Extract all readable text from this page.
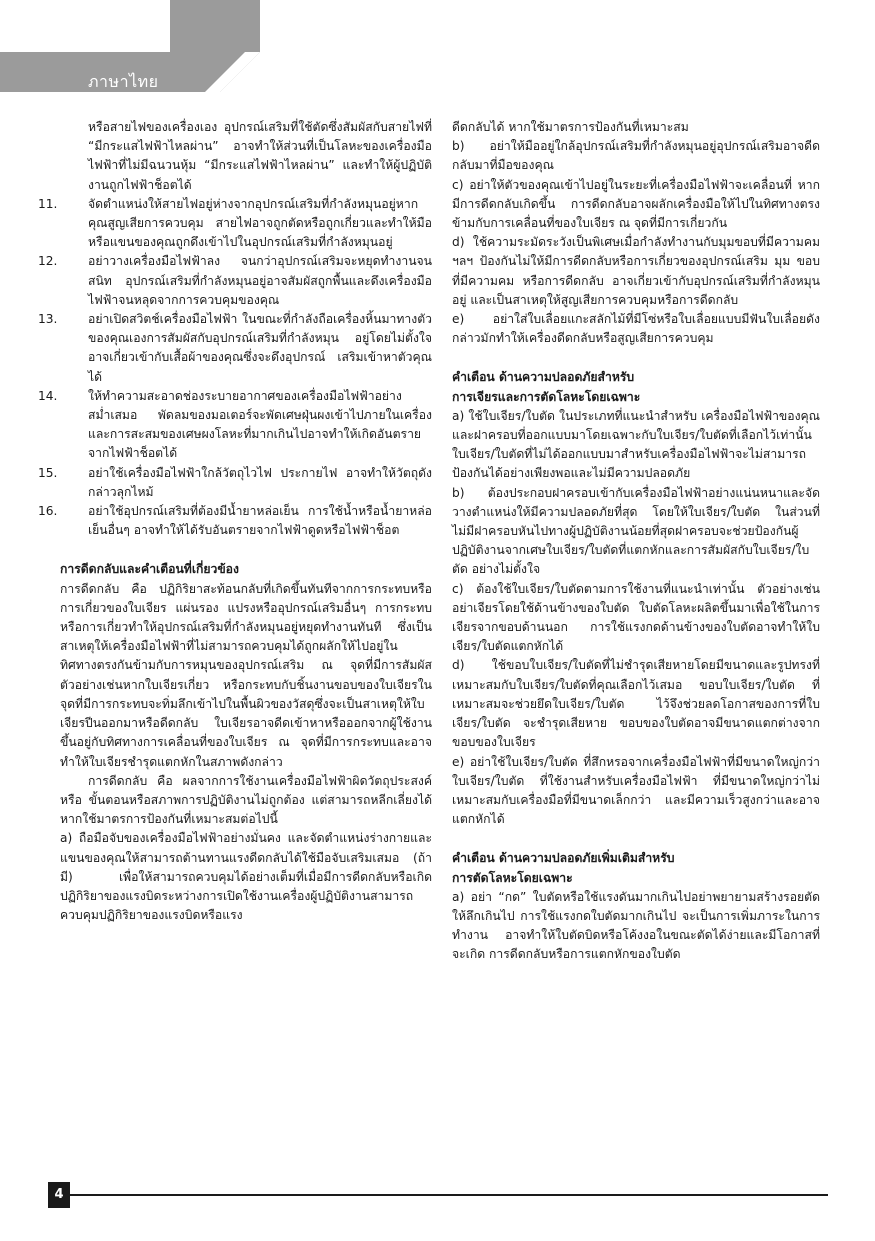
ภาษาไทย

หรือสายไฟของเครื่องเอง อุปกรณ์เสริมที่ใช้ตัดซึ่งสัมผัสกับสายไฟที่ “มีกระแสไฟฟ้าไหลผ่าน” อาจทำให้ส่วนที่เป็นโลหะของเครื่องมือไฟฟ้าที่ไม่มีฉนวนหุ้ม “มีกระแสไฟฟ้าไหลผ่าน” และทำให้ผู้ปฏิบัติงานถูกไฟฟ้าช็อตได้

11.	จัดตำแหน่งให้สายไฟอยู่ห่างจากอุปกรณ์เสริมที่กำลังหมุนอยู่หากคุณสูญเสียการควบคุม สายไฟอาจถูกตัดหรือถูกเกี่ยวและทำให้มือหรือแขนของคุณถูกดึงเข้าไปในอุปกรณ์เสริมที่กำลังหมุนอยู่

12.	อย่าวางเครื่องมือไฟฟ้าลง จนกว่าอุปกรณ์เสริมจะหยุดทำงานจนสนิท อุปกรณ์เสริมที่กำลังหมุนอยู่อาจสัมผัสถูกพื้นและดึงเครื่องมือไฟฟ้าจนหลุดจากการควบคุมของคุณ

13.	อย่าเปิดสวิตช์เครื่องมือไฟฟ้า ในขณะที่กำลังถือเครื่องหิ้นมาทางตัวของคุณเองการสัมผัสกับอุปกรณ์เสริมที่กำลังหมุน อยู่โดยไม่ตั้งใจ อาจเกี่ยวเข้ากับเสื้อผ้าของคุณซึ่งจะดึงอุปกรณ์ เสริมเข้าหาตัวคุณได้

14.	ให้ทำความสะอาดช่องระบายอากาศของเครื่องมือไฟฟ้าอย่างสม่ำเสมอ พัดลมของมอเตอร์จะพัดเศษฝุ่นผงเข้าไปภายในเครื่องและการสะสมของเศษผงโลหะที่มากเกินไปอาจทำให้เกิดอันตรายจากไฟฟ้าช็อตได้

15.	อย่าใช้เครื่องมือไฟฟ้าใกล้วัตถุไวไฟ ประกายไฟ อาจทำให้วัตถุดังกล่าวลุกไหม้

16.	อย่าใช้อุปกรณ์เสริมที่ต้องมีน้ำยาหล่อเย็น การใช้น้ำหรือน้ำยาหล่อเย็นอื่นๆ อาจทำให้ได้รับอันตรายจากไฟฟ้าดูดหรือไฟฟ้าช็อต

การดีดกลับและคำเตือนที่เกี่ยวข้อง

การดีดกลับ คือ ปฏิกิริยาสะท้อนกลับที่เกิดขึ้นทันทีจากการกระทบหรือการเกี่ยวของใบเจียร แผ่นรอง แปรงหรืออุปกรณ์เสริมอื่นๆ การกระทบหรือการเกี่ยวทำให้อุปกรณ์เสริมที่กำลังหมุนอยู่หยุดทำงานทันที ซึ่งเป็นสาเหตุให้เครื่องมือไฟฟ้าที่ไม่สามารถควบคุมได้ถูกผลักให้ไปอยู่ในทิศทางตรงกันข้ามกับการหมุนของอุปกรณ์เสริม ณ จุดที่มีการสัมผัส ตัวอย่างเช่นหากใบเจียรเกี่ยว หรือกระทบกับชิ้นงานขอบของใบเจียรในจุดที่มีการกระทบจะทิ่มลึกเข้าไปในพื้นผิวของวัสดุซึ่งจะเป็นสาเหตุให้ใบเจียรปีนออกมาหรือดีดกลับ ใบเจียรอาจดีดเข้าหาหรือออกจากผู้ใช้งานขึ้นอยู่กับทิศทางการเคลื่อนที่ของใบเจียร ณ จุดที่มีการกระทบและอาจทำให้ใบเจียรชำรุดแตกหักในสภาพดังกล่าว

การดีดกลับ คือ ผลจากการใช้งานเครื่องมือไฟฟ้าผิดวัตถุประสงค์ หรือ ขั้นตอนหรือสภาพการปฏิบัติงานไม่ถูกต้อง แต่สามารถหลีกเลี่ยงได้หากใช้มาตรการป้องกันที่เหมาะสมต่อไปนี้

a) ถือมือจับของเครื่องมือไฟฟ้าอย่างมั่นคง และจัดตำแหน่งร่างกายและแขนของคุณให้สามารถต้านทานแรงดีดกลับได้ใช้มือจับเสริมเสมอ (ถ้ามี) เพื่อให้สามารถควบคุมได้อย่างเต็มที่เมื่อมีการดีดกลับหรือเกิดปฏิกิริยาของแรงบิดระหว่างการเปิดใช้งานเครื่องผู้ปฏิบัติงานสามารถควบคุมปฏิกิริยาของแรงบิดหรือแรง

ดีดกลับได้ หากใช้มาตรการป้องกันที่เหมาะสม

b) อย่าให้มืออยู่ใกล้อุปกรณ์เสริมที่กำลังหมุนอยู่อุปกรณ์เสริมอาจดีดกลับมาที่มือของคุณ

c) อย่าให้ตัวของคุณเข้าไปอยู่ในระยะที่เครื่องมือไฟฟ้าจะเคลื่อนที่ หากมีการดีดกลับเกิดขึ้น การดีดกลับอาจผลักเครื่องมือให้ไปในทิศทางตรงข้ามกับการเคลื่อนที่ของใบเจียร ณ จุดที่มีการเกี่ยวกัน

d) ใช้ความระมัดระวังเป็นพิเศษเมื่อกำลังทำงานกับมุมขอบที่มีความคม ฯลฯ ป้องกันไม่ให้มีการดีดกลับหรือการเกี่ยวของอุปกรณ์เสริม มุม ขอบที่มีความคม หรือการดีดกลับ อาจเกี่ยวเข้ากับอุปกรณ์เสริมที่กำลังหมุนอยู่ และเป็นสาเหตุให้สูญเสียการควบคุมหรือการดีดกลับ

e) อย่าใส่ใบเลื่อยแกะสลักไม้ที่มีโซ่หรือใบเลื่อยแบบมีฟันใบเลื่อยดังกล่าวมักทำให้เครื่องดีดกลับหรือสูญเสียการควบคุม

คำเตือน ด้านความปลอดภัยสำหรับ

การเจียรและการตัดโลหะโดยเฉพาะ

a) ใช้ใบเจียร/ใบตัด ในประเภทที่แนะนำสำหรับ เครื่องมือไฟฟ้าของคุณและฝาครอบที่ออกแบบมาโดยเฉพาะกับใบเจียร/ใบตัดที่เลือกไว้เท่านั้น ใบเจียร/ใบตัดที่ไม่ได้ออกแบบมาสำหรับเครื่องมือไฟฟ้าจะไม่สามารถป้องกันได้อย่างเพียงพอและไม่มีความปลอดภัย

b) ต้องประกอบฝาครอบเข้ากับเครื่องมือไฟฟ้าอย่างแน่นหนาและจัดวางตำแหน่งให้มีความปลอดภัยที่สุด โดยให้ใบเจียร/ใบตัด ในส่วนที่ไม่มีฝาครอบหันไปทางผู้ปฏิบัติงานน้อยที่สุดฝาครอบจะช่วยป้องกันผู้ปฏิบัติงานจากเศษใบเจียร/ใบตัดที่แตกหักและการสัมผัสกับใบเจียร/ใบตัด อย่างไม่ตั้งใจ

c) ต้องใช้ใบเจียร/ใบตัดตามการใช้งานที่แนะนำเท่านั้น ตัวอย่างเช่น อย่าเจียรโดยใช้ด้านข้างของใบตัด ใบตัดโลหะผลิตขึ้นมาเพื่อใช้ในการเจียรจากขอบด้านนอก การใช้แรงกดด้านข้างของใบตัดอาจทำให้ใบเจียร/ใบตัดแตกหักได้

d) ใช้ขอบใบเจียร/ใบตัดที่ไม่ชำรุดเสียหายโดยมีขนาดและรูปทรงที่เหมาะสมกับใบเจียร/ใบตัดที่คุณเลือกไว้เสมอ ขอบใบเจียร/ใบตัด ที่เหมาะสมจะช่วยยึดใบเจียร/ใบตัด ไว้จึงช่วยลดโอกาสของการที่ใบเจียร/ใบตัด จะชำรุดเสียหาย ขอบของใบตัดอาจมีขนาดแตกต่างจากขอบของใบเจียร

e) อย่าใช้ใบเจียร/ใบตัด ที่สึกหรอจากเครื่องมือไฟฟ้าที่มีขนาดใหญ่กว่า ใบเจียร/ใบตัด ที่ใช้งานสำหรับเครื่องมือไฟฟ้า ที่มีขนาดใหญ่กว่าไม่เหมาะสมกับเครื่องมือที่มีขนาดเล็กกว่า และมีความเร็วสูงกว่าและอาจแตกหักได้

คำเตือน ด้านความปลอดภัยเพิ่มเติมสำหรับ

การตัดโลหะโดยเฉพาะ

a) อย่า “กด” ใบตัดหรือใช้แรงดันมากเกินไปอย่าพยายามสร้างรอยตัดให้ลึกเกินไป การใช้แรงกดใบตัดมากเกินไป จะเป็นการเพิ่มภาระในการทำงาน อาจทำให้ใบตัดบิดหรือโค้งงอในขณะตัดได้ง่ายและมีโอกาสที่จะเกิด การดีดกลับหรือการแตกหักของใบตัด

4
